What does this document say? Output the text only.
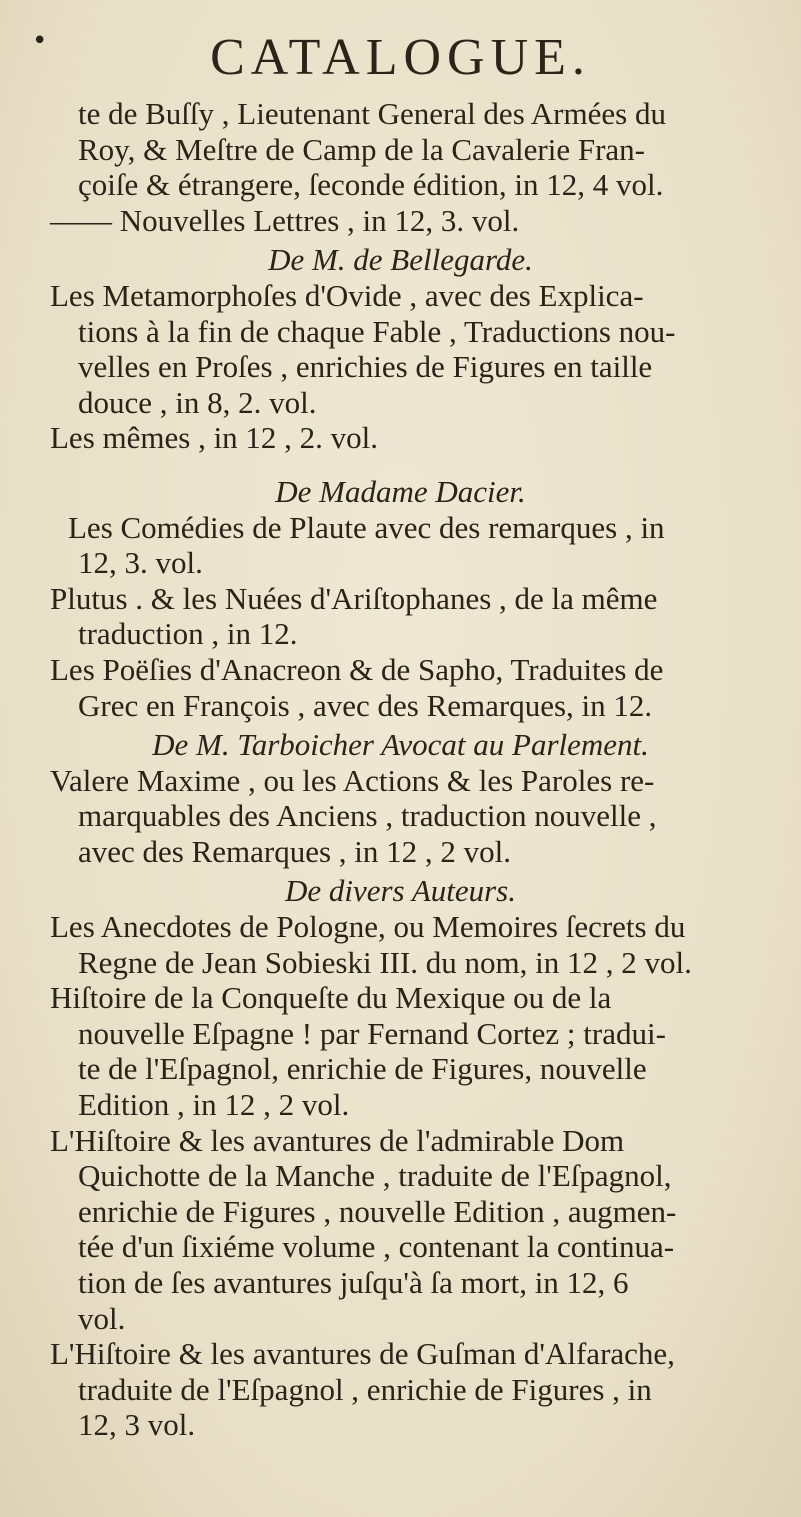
•	CATALOGUE.
te de Buſſy , Lieutenant General des Armées du
Roy, & Meſtre de Camp de la Cavalerie Fran-
çoiſe & étrangere, ſeconde édition, in 12, 4 vol.
—— Nouvelles Lettres , in 12, 3. vol.
De M. de Bellegarde.
Les Metamorphoſes d'Ovide , avec des Explica-
tions à la fin de chaque Fable , Traductions nou-
velles en Proſes , enrichies de Figures en taille
douce , in 8, 2. vol.
Les mêmes , in 12 , 2. vol.
De Madame Dacier.
Les Comédies de Plaute avec des remarques , in
12, 3. vol.
Plutus . & les Nuées d'Ariſtophanes , de la même
traduction , in 12.
Les Poëſies d'Anacreon & de Sapho, Traduites de
Grec en François , avec des Remarques, in 12.
De M. Tarboicher Avocat au Parlement.
Valere Maxime , ou les Actions & les Paroles re-
marquables des Anciens , traduction nouvelle ,
avec des Remarques , in 12 , 2 vol.
De divers Auteurs.
Les Anecdotes de Pologne, ou Memoires ſecrets du
Regne de Jean Sobieski III. du nom, in 12 , 2 vol.
Hiſtoire de la Conqueſte du Mexique ou de la
nouvelle Eſpagne ! par Fernand Cortez ; tradui-
te de l'Eſpagnol, enrichie de Figures, nouvelle
Edition , in 12 , 2 vol.
L'Hiſtoire & les avantures de l'admirable Dom
Quichotte de la Manche , traduite de l'Eſpagnol,
enrichie de Figures , nouvelle Edition , augmen-
tée d'un ſixiéme volume , contenant la continua-
tion de ſes avantures juſqu'à ſa mort, in 12, 6
vol.
L'Hiſtoire & les avantures de Guſman d'Alfarache,
traduite de l'Eſpagnol , enrichie de Figures , in
12, 3 vol.
